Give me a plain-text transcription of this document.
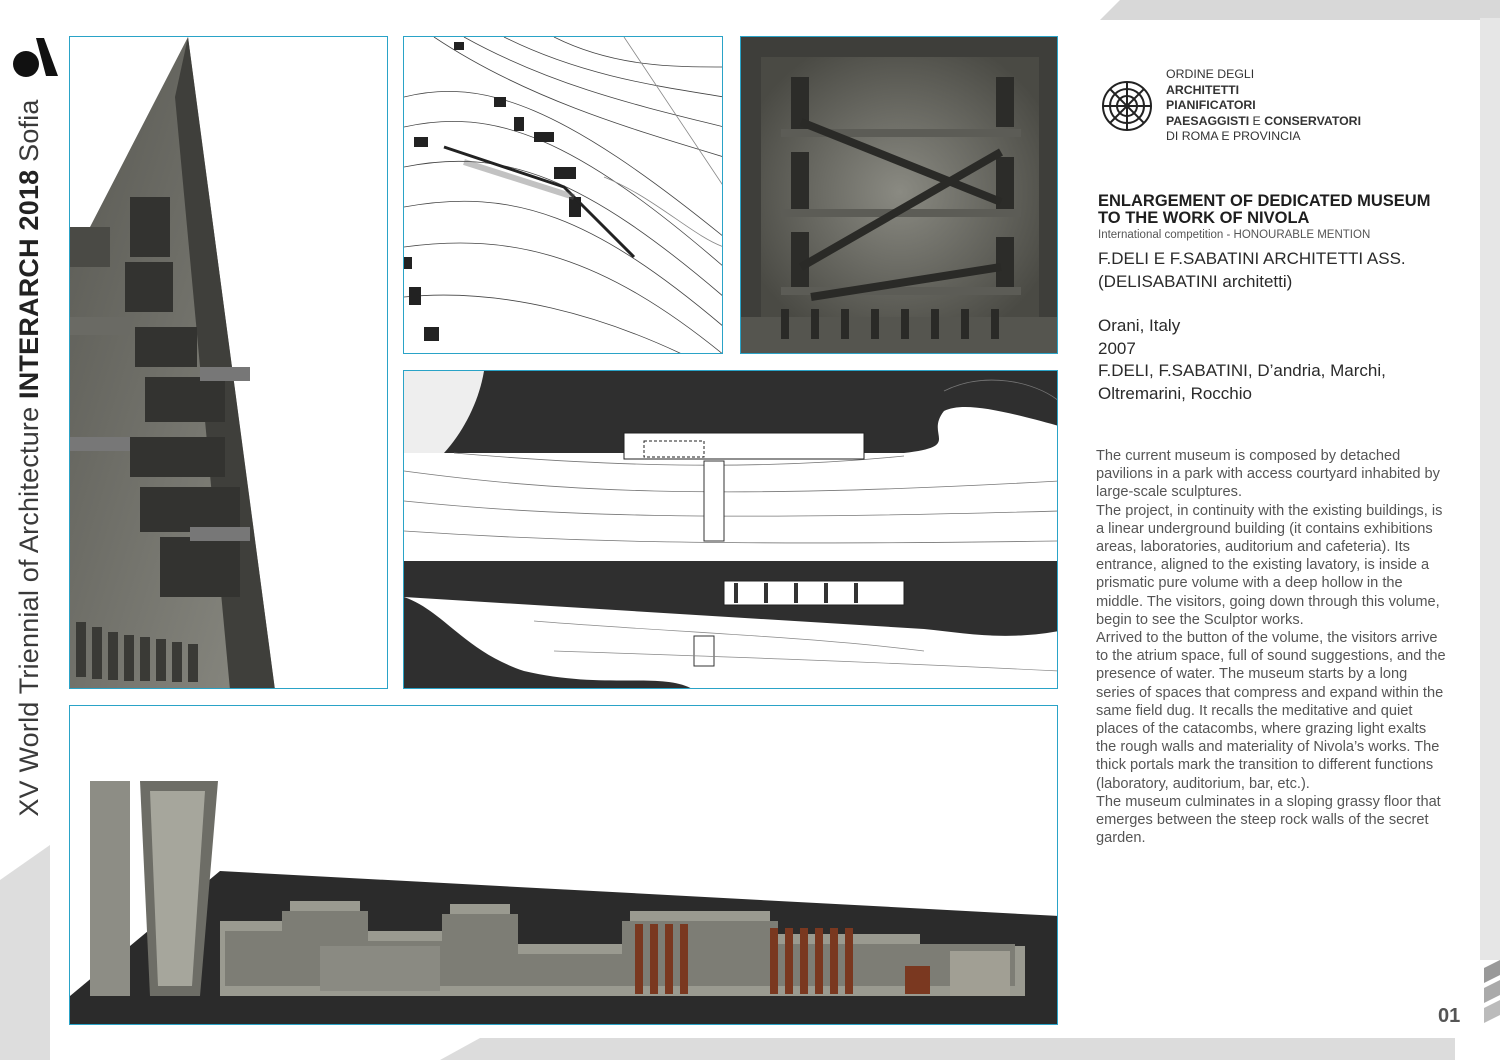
XV World Triennial of Architecture INTERARCH 2018 Sofia
ORDINE DEGLI
ARCHITETTI
PIANIFICATORI
PAESAGGISTI E CONSERVATORI
DI ROMA E PROVINCIA
ENLARGEMENT OF DEDICATED MUSEUM
TO THE WORK OF NIVOLA
International competition - HONOURABLE MENTION
F.DELI E F.SABATINI ARCHITETTI ASS.
(DELISABATINI architetti)
Orani, Italy
2007
F.DELI, F.SABATINI, D’andria, Marchi,
Oltremarini, Rocchio
The current museum is composed by detached pavilions in a park with access courtyard inhabited by large-scale sculptures.
The project, in continuity with the existing buildings, is a linear underground building (it contains exhibitions areas, laboratories, auditorium and cafeteria). Its entrance, aligned to the existing lavatory, is inside a prismatic pure volume with a deep hollow in the middle. The visitors, going down through this volume, begin to see the Sculptor works.
Arrived to the button of the volume, the visitors arrive to the atrium space, full of sound suggestions, and the presence of water. The museum starts by a long series of spaces that compress and expand within the same field dug. It recalls the meditative and quiet places of the catacombs, where grazing light exalts the rough walls and materiality of Nivola’s works. The thick portals mark the transition to different functions (laboratory, auditorium, bar, etc.).
The museum culminates in a sloping grassy floor that emerges between the steep rock walls of the secret garden.
01
